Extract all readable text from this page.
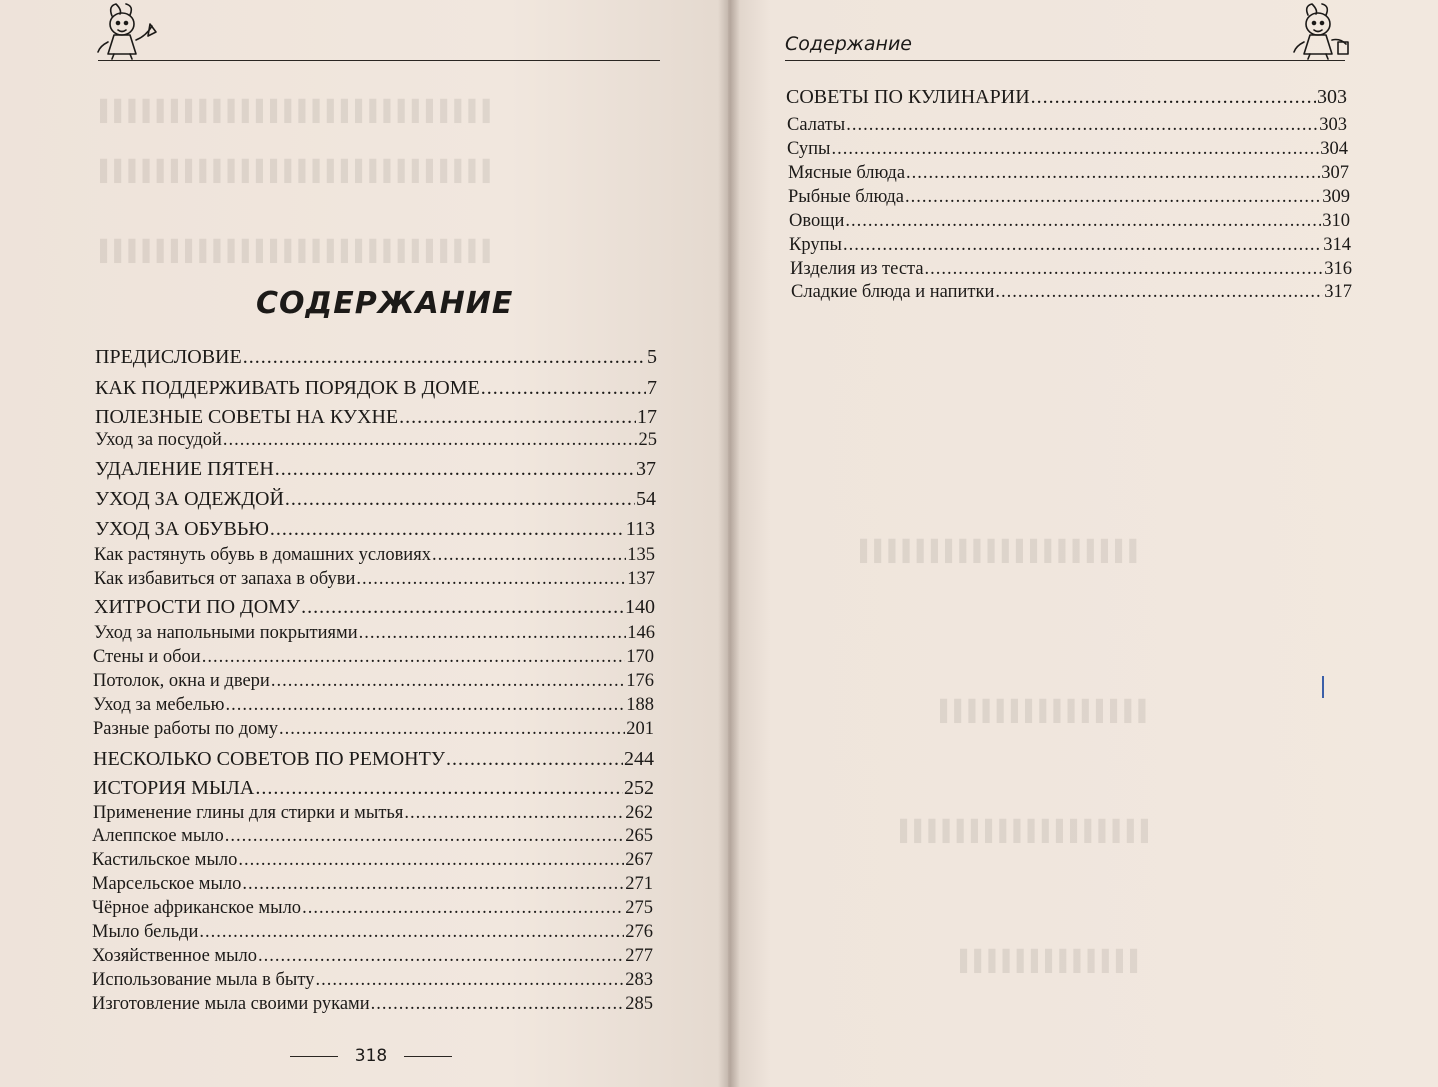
▌▌▌▌▌▌▌▌▌▌▌▌▌▌▌▌▌▌▌▌▌▌▌▌▌▌▌▌
▌▌▌▌▌▌▌▌▌▌▌▌▌▌▌▌▌▌▌▌▌▌▌▌▌▌▌▌
▌▌▌▌▌▌▌▌▌▌▌▌▌▌▌▌▌▌▌▌▌▌▌▌▌▌▌▌
▌▌▌▌▌▌▌▌▌▌▌▌▌▌▌▌▌▌▌▌
▌▌▌▌▌▌▌▌▌▌▌▌▌▌▌
▌▌▌▌▌▌▌▌▌▌▌▌▌▌▌▌▌▌
▌▌▌▌▌▌▌▌▌▌▌▌▌
Содержание
СОДЕРЖАНИЕ
ПРЕДИСЛОВИЕ .....	5
КАК ПОДДЕРЖИВАТЬ ПОРЯДОК В ДОМЕ .....	7
ПОЛЕЗНЫЕ СОВЕТЫ НА КУХНЕ .....	17
Уход за посудой .....	25
УДАЛЕНИЕ ПЯТЕН .....	37
УХОД ЗА ОДЕЖДОЙ .....	54
УХОД ЗА ОБУВЬЮ .....	113
Как растянуть обувь в домашних условиях .....	135
Как избавиться от запаха в обуви .....	137
ХИТРОСТИ ПО ДОМУ .....	140
Уход за напольными покрытиями .....	146
Стены и обои .....	170
Потолок, окна и двери .....	176
Уход за мебелью .....	188
Разные работы по дому .....	201
НЕСКОЛЬКО СОВЕТОВ ПО РЕМОНТУ .....	244
ИСТОРИЯ МЫЛА .....	252
Применение глины для стирки и мытья .....	262
Алеппское мыло .....	265
Кастильское мыло .....	267
Марсельское мыло .....	271
Чёрное африканское мыло .....	275
Мыло бельди .....	276
Хозяйственное мыло .....	277
Использование мыла в быту .....	283
Изготовление мыла своими руками .....	285
СОВЕТЫ ПО КУЛИНАРИИ .....	303
Салаты .....	303
Супы .....	304
Мясные блюда .....	307
Рыбные блюда .....	309
Овощи .....	310
Крупы .....	314
Изделия из теста .....	316
Сладкие блюда и напитки .....	317
318
